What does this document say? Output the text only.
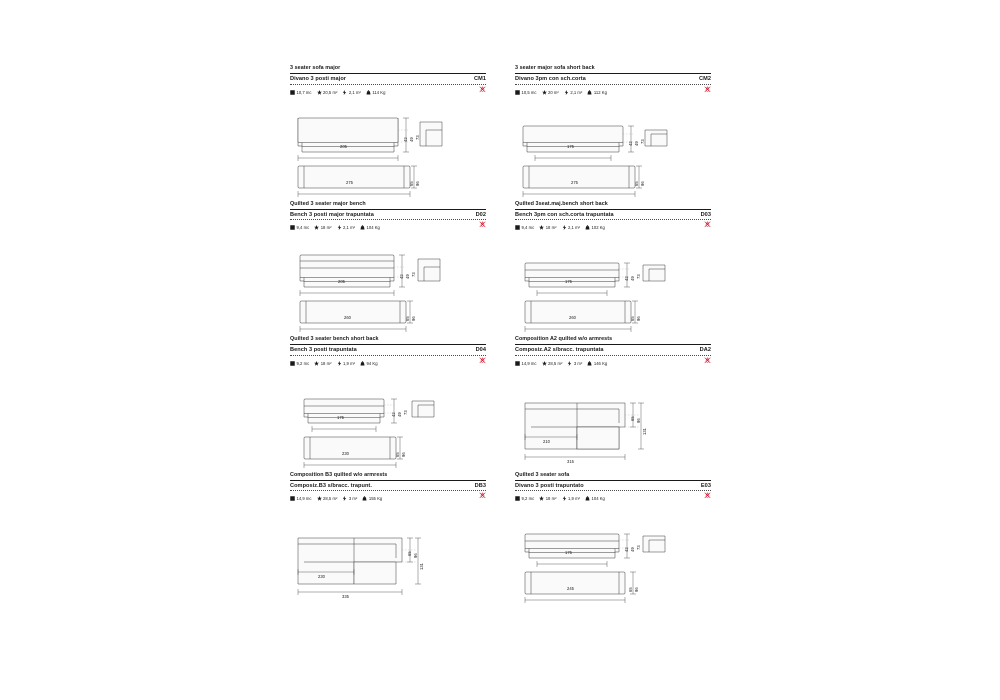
3 seater sofa major
Divano 3 posti major	CM1
10,7 mc	20,5 m²	2,1 m²	114 Kg
205
275
42 49 73
65 96
3 seater major sofa short back
Divano 3pm con sch.corta	CM2
10,5 mc	20 m²	2,1 m²	112 Kg
175
275
42 49 73
65 96
Quilted 3 seater major bench
Bench 3 posti major trapuntata	D02
9,4 mc	18 m²	2,1 m²	104 Kg
205
260
42 49 73
65 96
Quilted 3seat.maj.bench short back
Bench 3pm con sch.corta trapuntata	D03
9,4 mc	18 m²	2,1 m²	102 Kg
175
260
42 49 73
65 96
Quilted 3 seater bench short back
Bench 3 posti trapuntata	D04
9,2 mc	18 m²	1,9 m²	94 Kg
175
230
42 49 73
65 96
Composition A2 quilted w/o armrests
Composiz.A2 s/bracc. trapuntata	DA2
14,9 mc	28,5 m²	3 m²	146 Kg
210
315
65 96
131
Composition B3 quilted w/o armrests
Composiz.B3 s/bracc. trapunt.	DB3
14,9 mc	28,5 m²	3 m²	155 Kg
230
335
65 96
131
Quilted 3 seater sofa
Divano 3 posti trapuntato	E03
9,2 mc	18 m²	1,9 m²	104 Kg
175
245
42 49 73
65 96
